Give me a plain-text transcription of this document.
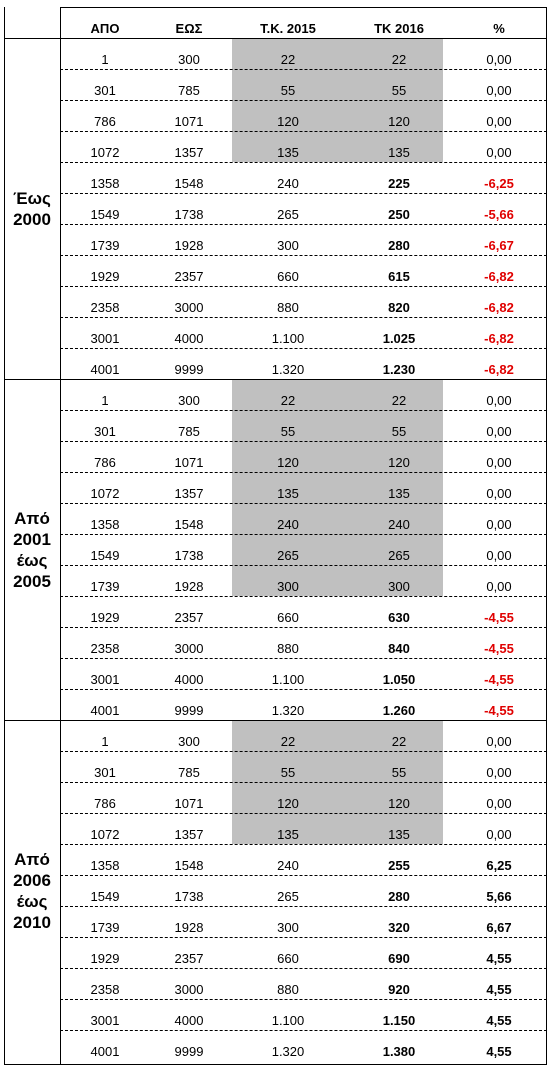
ΑΠΟ	ΕΩΣ	Τ.Κ. 2015	ΤΚ 2016	%
1	300	22	22	0,00
301	785	55	55	0,00
786	1071	120	120	0,00
1072	1357	135	135	0,00
1358	1548	240	225	-6,25
1549	1738	265	250	-5,66
1739	1928	300	280	-6,67
1929	2357	660	615	-6,82
2358	3000	880	820	-6,82
3001	4000	1.100	1.025	-6,82
4001	9999	1.320	1.230	-6,82
Έως
2000
1	300	22	22	0,00
301	785	55	55	0,00
786	1071	120	120	0,00
1072	1357	135	135	0,00
1358	1548	240	240	0,00
1549	1738	265	265	0,00
1739	1928	300	300	0,00
1929	2357	660	630	-4,55
2358	3000	880	840	-4,55
3001	4000	1.100	1.050	-4,55
4001	9999	1.320	1.260	-4,55
Από
2001
έως
2005
1	300	22	22	0,00
301	785	55	55	0,00
786	1071	120	120	0,00
1072	1357	135	135	0,00
1358	1548	240	255	6,25
1549	1738	265	280	5,66
1739	1928	300	320	6,67
1929	2357	660	690	4,55
2358	3000	880	920	4,55
3001	4000	1.100	1.150	4,55
4001	9999	1.320	1.380	4,55
Από
2006
έως
2010
